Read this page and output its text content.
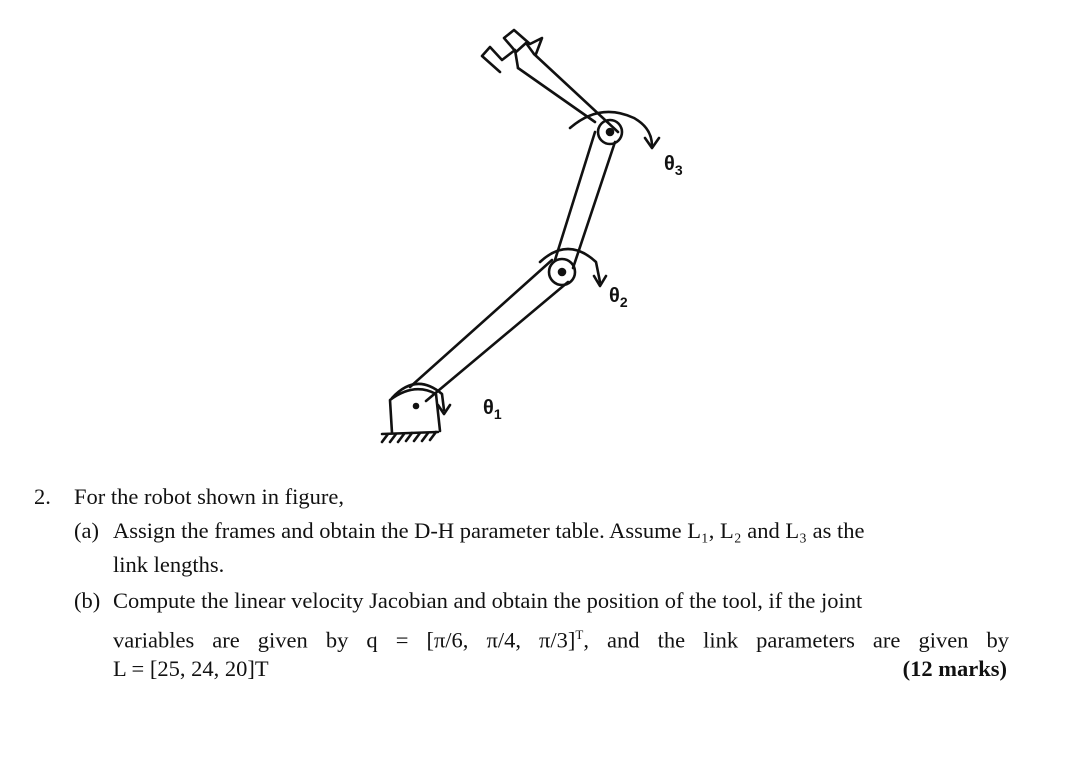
$\theta_1$
$\theta_2$
$\theta_3$
2. For the robot shown in figure,
(a) Assign the frames and obtain the D-H parameter table. Assume L₁, L₂ and L₃ as the
link lengths.
(b) Compute the linear velocity Jacobian and obtain the position of the tool, if the joint
variables are given by q = [π/6, π/4, π/3]$^T$, and the link parameters are given by
L = [25, 24, 20]T	(12 marks)
